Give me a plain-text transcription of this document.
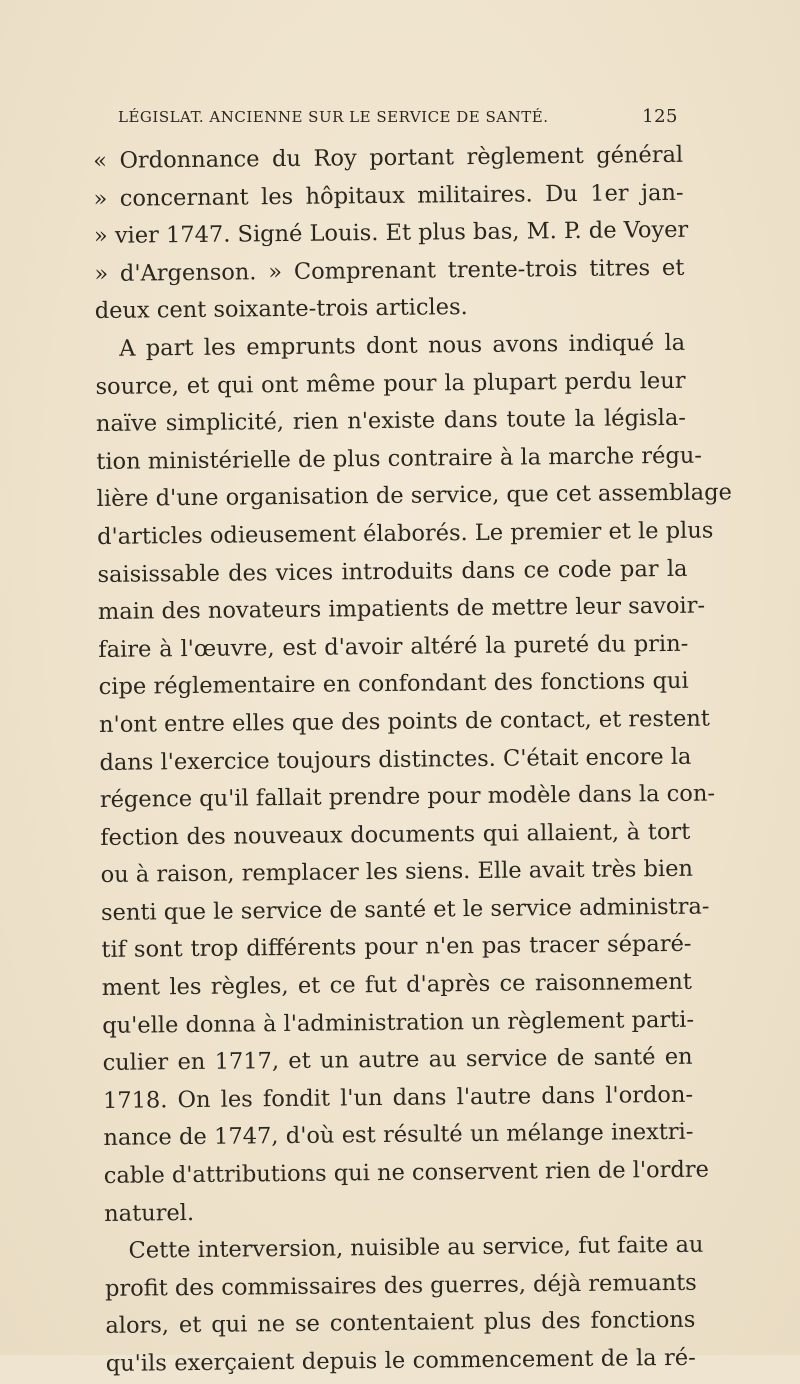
LÉGISLAT. ANCIENNE SUR LE SERVICE DE SANTÉ.	125
« Ordonnance du Roy portant règlement général
» concernant les hôpitaux militaires. Du 1er jan-
» vier 1747. Signé Louis. Et plus bas, M. P. de Voyer
» d'Argenson. » Comprenant trente-trois titres et
deux cent soixante-trois articles.
A part les emprunts dont nous avons indiqué la
source, et qui ont même pour la plupart perdu leur
naïve simplicité, rien n'existe dans toute la législa-
tion ministérielle de plus contraire à la marche régu-
lière d'une organisation de service, que cet assemblage
d'articles odieusement élaborés. Le premier et le plus
saisissable des vices introduits dans ce code par la
main des novateurs impatients de mettre leur savoir-
faire à l'œuvre, est d'avoir altéré la pureté du prin-
cipe réglementaire en confondant des fonctions qui
n'ont entre elles que des points de contact, et restent
dans l'exercice toujours distinctes. C'était encore la
régence qu'il fallait prendre pour modèle dans la con-
fection des nouveaux documents qui allaient, à tort
ou à raison, remplacer les siens. Elle avait très bien
senti que le service de santé et le service administra-
tif sont trop différents pour n'en pas tracer séparé-
ment les règles, et ce fut d'après ce raisonnement
qu'elle donna à l'administration un règlement parti-
culier en 1717, et un autre au service de santé en
1718. On les fondit l'un dans l'autre dans l'ordon-
nance de 1747, d'où est résulté un mélange inextri-
cable d'attributions qui ne conservent rien de l'ordre
naturel.
Cette interversion, nuisible au service, fut faite au
profit des commissaires des guerres, déjà remuants
alors, et qui ne se contentaient plus des fonctions
qu'ils exerçaient depuis le commencement de la ré-
